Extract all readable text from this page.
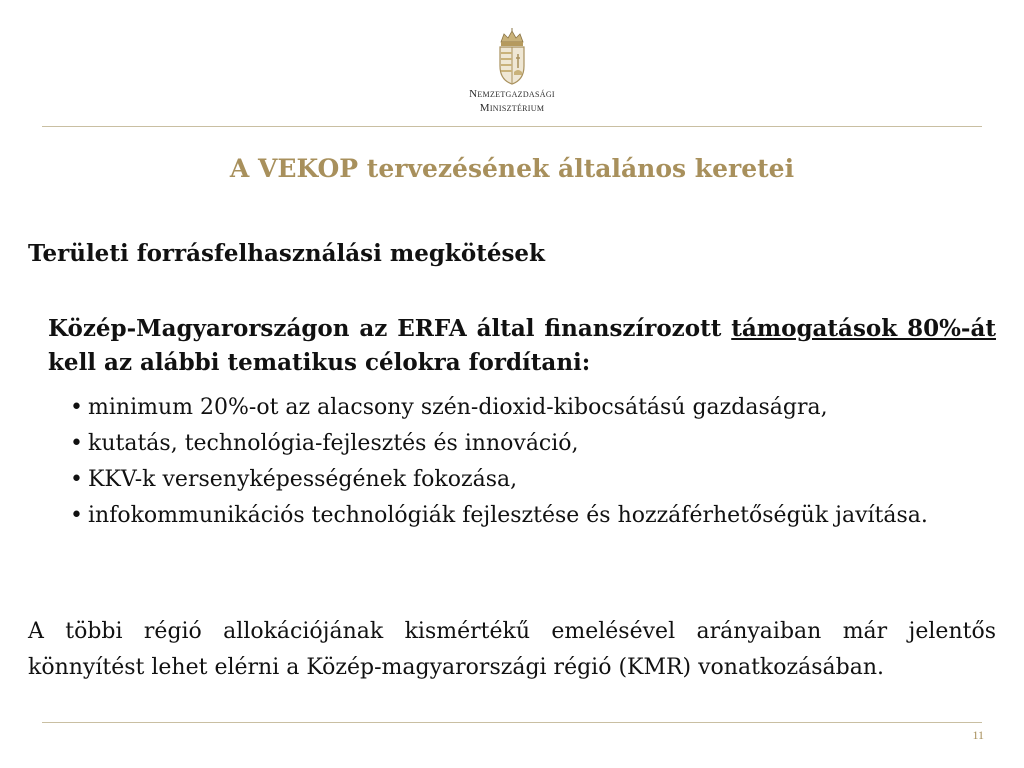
Nemzetgazdasági
Minisztérium
A VEKOP tervezésének általános keretei
Területi forrásfelhasználási megkötések
Közép-Magyarországon az ERFA által finanszírozott támogatások 80%-át kell az alábbi tematikus célokra fordítani:
• minimum 20%-ot az alacsony szén-dioxid-kibocsátású gazdaságra,
• kutatás, technológia-fejlesztés és innováció,
• KKV-k versenyképességének fokozása,
• infokommunikációs technológiák fejlesztése és hozzáférhetőségük javítása.
A többi régió allokációjának kismértékű emelésével arányaiban már jelentős könnyítést lehet elérni a Közép-magyarországi régió (KMR) vonatkozásában.
11
